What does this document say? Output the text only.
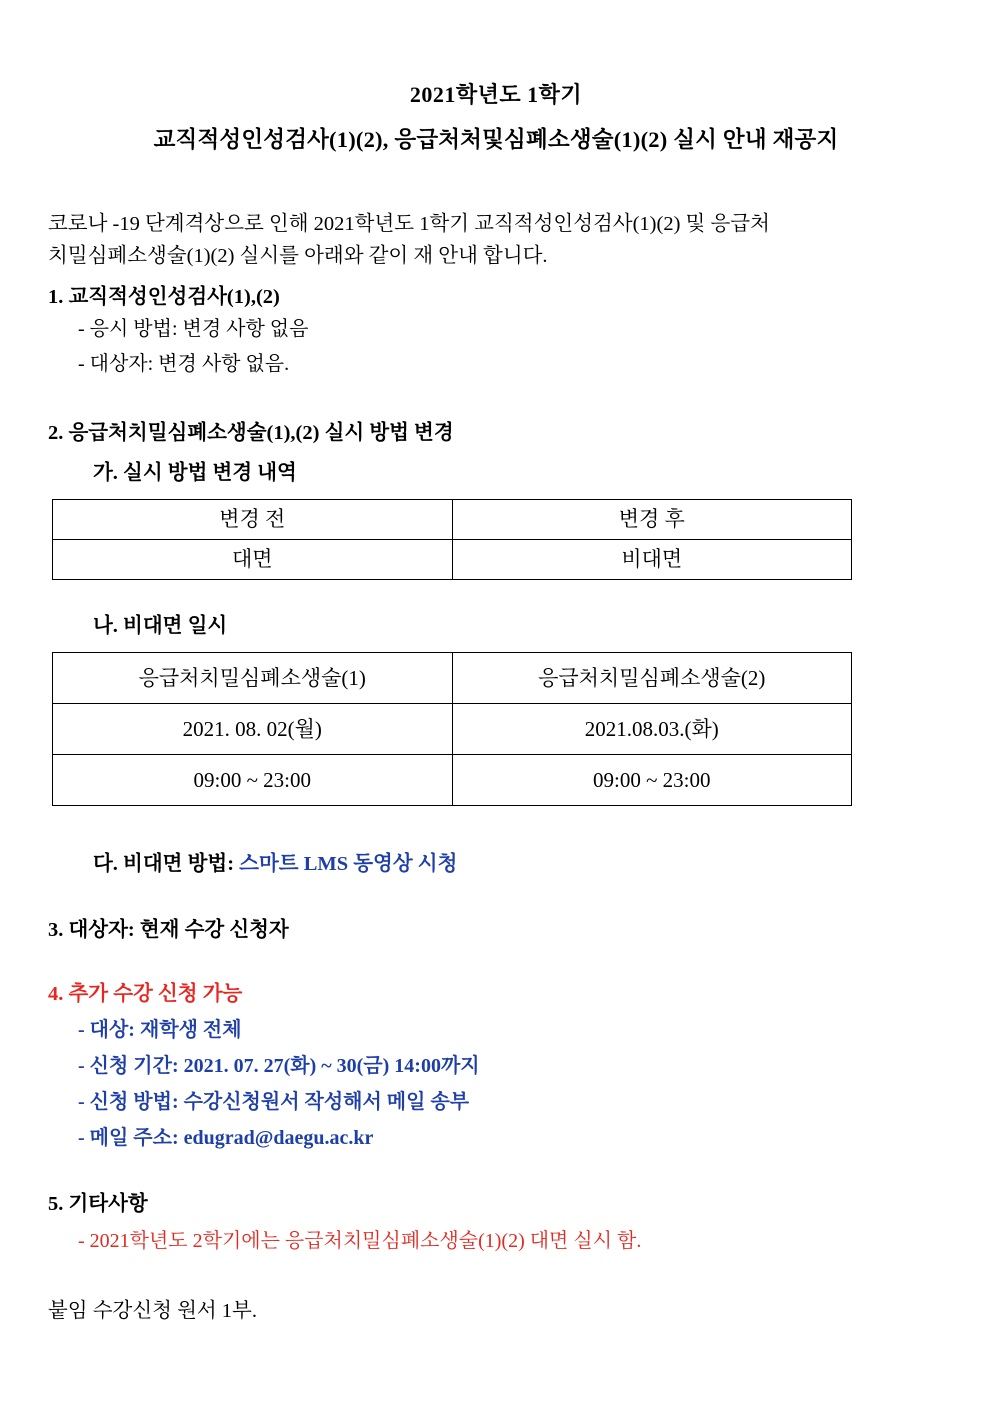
2021학년도 1학기
교직적성인성검사(1)(2), 응급처처및심폐소생술(1)(2) 실시 안내 재공지
코로나 -19 단계격상으로 인해 2021학년도 1학기 교직적성인성검사(1)(2) 및 응급처
치밀심폐소생술(1)(2) 실시를 아래와 같이 재 안내 합니다.
1. 교직적성인성검사(1),(2)
- 응시 방법: 변경 사항 없음
- 대상자: 변경 사항 없음.
2. 응급처치밀심폐소생술(1),(2) 실시 방법 변경
가. 실시 방법 변경 내역
변경 전	변경 후
대면	비대면
나. 비대면 일시
응급처치밀심폐소생술(1)	응급처치밀심폐소생술(2)
2021. 08. 02(월)	2021.08.03.(화)
09:00 ~ 23:00	09:00 ~ 23:00
다. 비대면 방법: 스마트 LMS 동영상 시청
3. 대상자: 현재 수강 신청자
4. 추가 수강 신청 가능
- 대상: 재학생 전체
- 신청 기간: 2021. 07. 27(화) ~ 30(금) 14:00까지
- 신청 방법: 수강신청원서 작성해서 메일 송부
- 메일 주소: edugrad@daegu.ac.kr
5. 기타사항
- 2021학년도 2학기에는 응급처치밀심폐소생술(1)(2) 대면 실시 함.
붙임 수강신청 원서 1부.
